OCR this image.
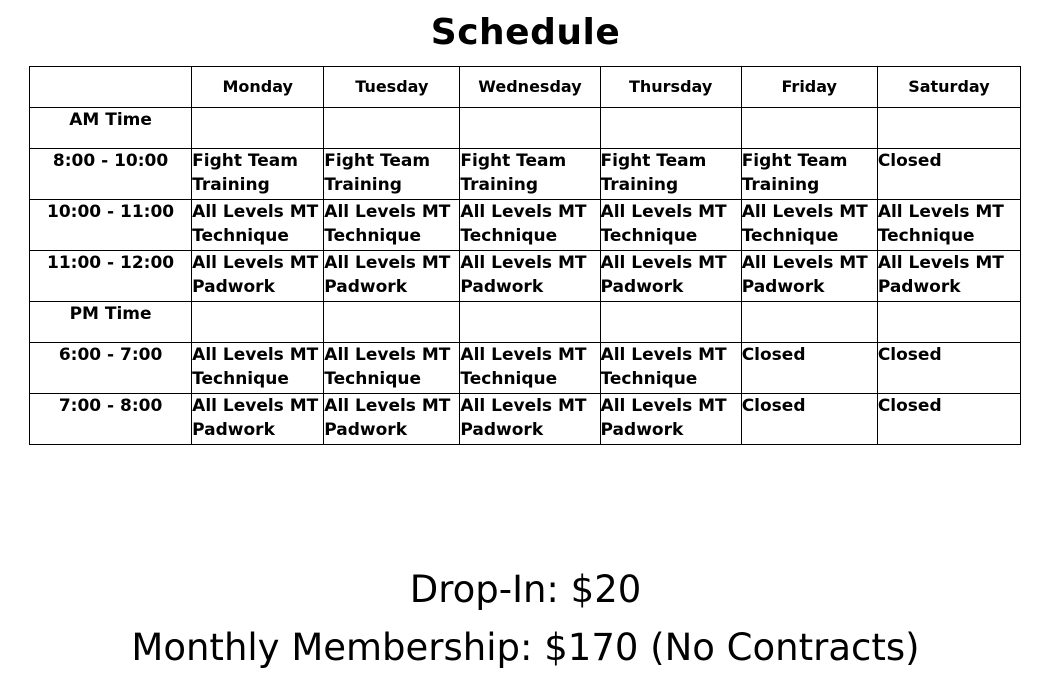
Schedule
	Monday	Tuesday	Wednesday	Thursday	Friday	Saturday
AM Time						
8:00 - 10:00	Fight Team Training	Fight Team Training	Fight Team Training	Fight Team Training	Fight Team Training	Closed
10:00 - 11:00	All Levels MT Technique	All Levels MT Technique	All Levels MT Technique	All Levels MT Technique	All Levels MT Technique	All Levels MT Technique
11:00 - 12:00	All Levels MT Padwork	All Levels MT Padwork	All Levels MT Padwork	All Levels MT Padwork	All Levels MT Padwork	All Levels MT Padwork
PM Time						
6:00 - 7:00	All Levels MT Technique	All Levels MT Technique	All Levels MT Technique	All Levels MT Technique	Closed	Closed
7:00 - 8:00	All Levels MT Padwork	All Levels MT Padwork	All Levels MT Padwork	All Levels MT Padwork	Closed	Closed
Drop-In: $20
Monthly Membership: $170 (No Contracts)
